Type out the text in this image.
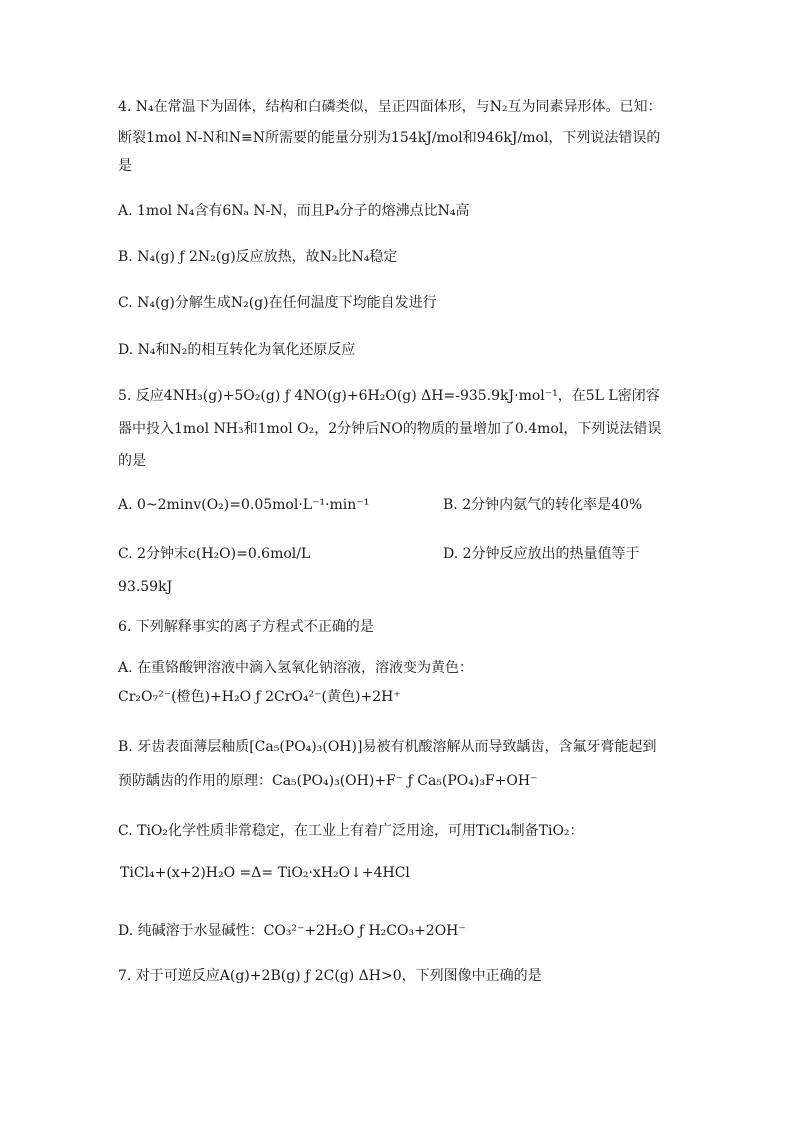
4. N₄在常温下为固体，结构和白磷类似，呈正四面体形，与N₂互为同素异形体。已知：
断裂1mol N-N和N≡N所需要的能量分别为154kJ/mol和946kJ/mol，下列说法错误的
是
A. 1mol N₄含有6Nₐ N-N，而且P₄分子的熔沸点比N₄高
B. N₄(g) ƒ 2N₂(g)反应放热，故N₂比N₄稳定
C. N₄(g)分解生成N₂(g)在任何温度下均能自发进行
D. N₄和N₂的相互转化为氧化还原反应
5. 反应4NH₃(g)+5O₂(g) ƒ 4NO(g)+6H₂O(g) ΔH=-935.9kJ·mol⁻¹，在5L L密闭容
器中投入1mol NH₃和1mol O₂，2分钟后NO的物质的量增加了0.4mol，下列说法错误
的是
A. 0~2minv(O₂)=0.05mol·L⁻¹·min⁻¹	B. 2分钟内氨气的转化率是40%
C. 2分钟末c(H₂O)=0.6mol/L	D. 2分钟反应放出的热量值等于
93.59kJ
6. 下列解释事实的离子方程式不正确的是
A. 在重铬酸钾溶液中滴入氢氧化钠溶液，溶液变为黄色：
Cr₂O₇²⁻(橙色)+H₂O ƒ 2CrO₄²⁻(黄色)+2H⁺
B. 牙齿表面薄层釉质[Ca₅(PO₄)₃(OH)]易被有机酸溶解从而导致龋齿，含氟牙膏能起到
预防龋齿的作用的原理：Ca₅(PO₄)₃(OH)+F⁻ ƒ Ca₅(PO₄)₃F+OH⁻
C. TiO₂化学性质非常稳定，在工业上有着广泛用途，可用TiCl₄制备TiO₂：
TiCl₄+(x+2)H₂O =Δ= TiO₂·xH₂O↓+4HCl
D. 纯碱溶于水显碱性：CO₃²⁻+2H₂O ƒ H₂CO₃+2OH⁻
7. 对于可逆反应A(g)+2B(g) ƒ 2C(g) ΔH>0，下列图像中正确的是
